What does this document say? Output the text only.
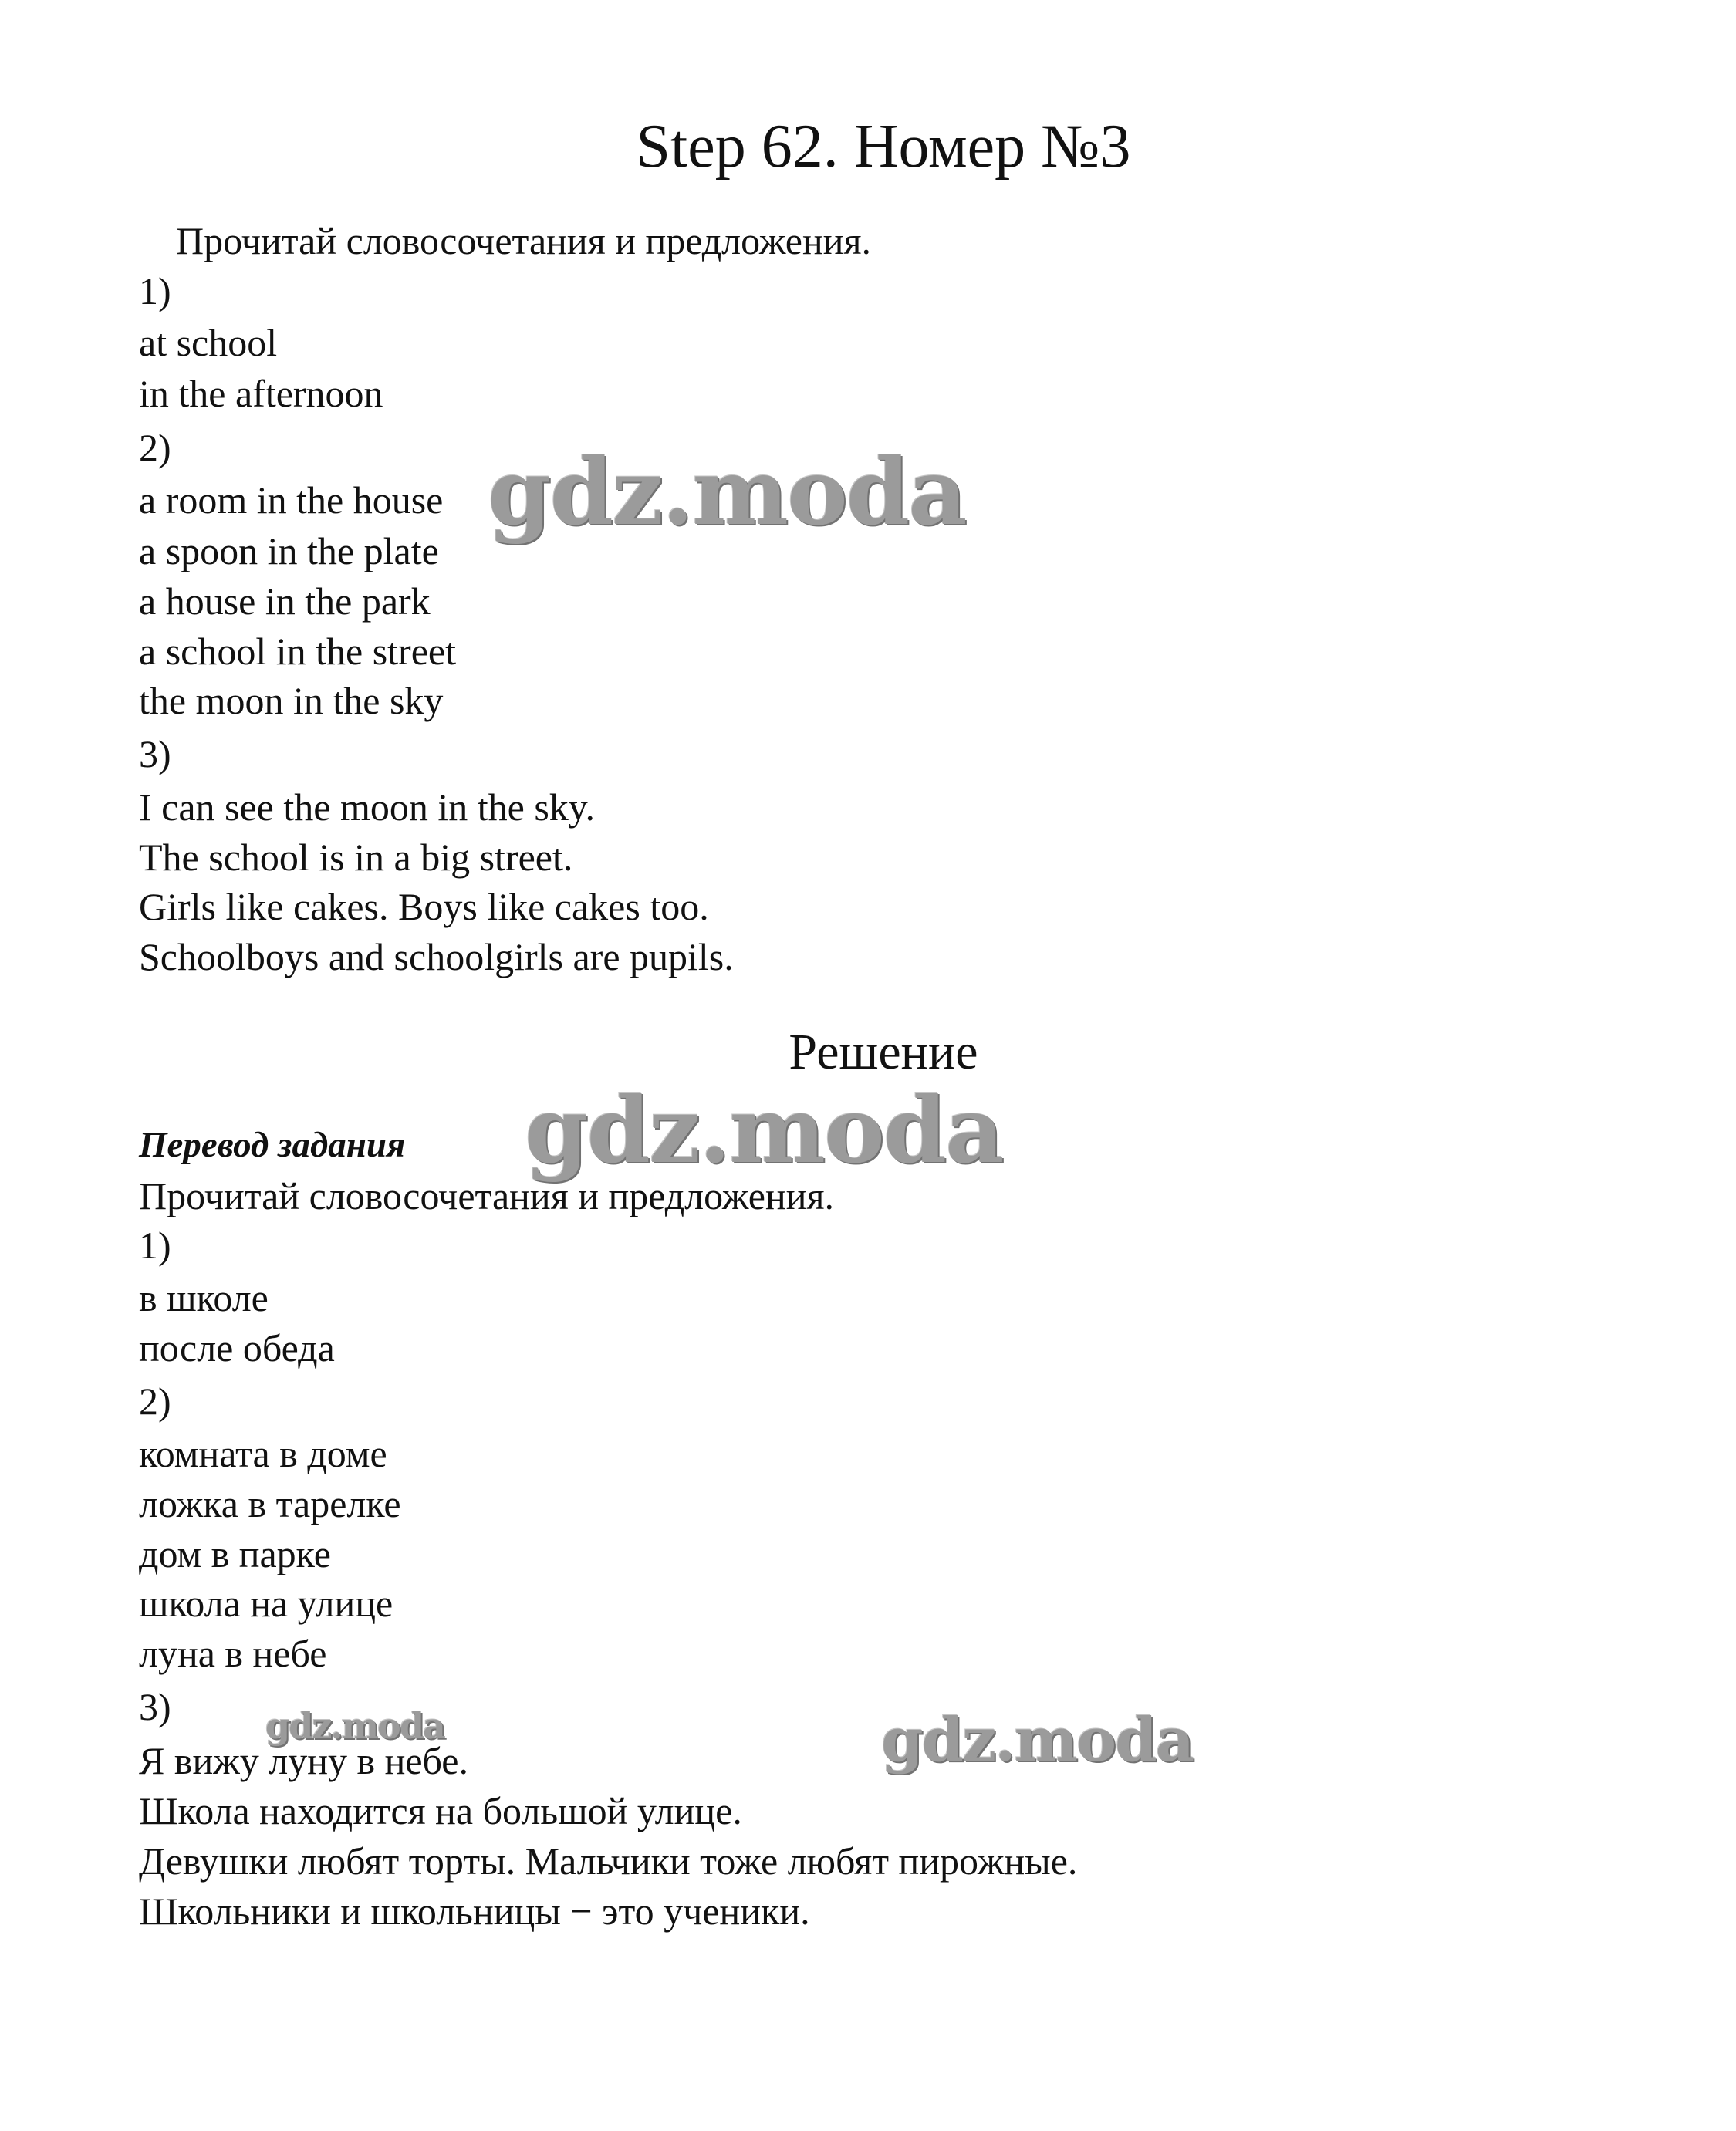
Step 62. Номер №3
Прочитай словосочетания и предложения.
1)
at school
in the afternoon
2)
a room in the house
a spoon in the plate
a house in the park
a school in the street
the moon in the sky
3)
I can see the moon in the sky.
The school is in a big street.
Girls like cakes. Boys like cakes too.
Schoolboys and schoolgirls are pupils.
Решение
Перевод задания
Прочитай словосочетания и предложения.
1)
в школе
после обеда
2)
комната в доме
ложка в тарелке
дом в парке
школа на улице
луна в небе
3)
Я вижу луну в небе.
Школа находится на большой улице.
Девушки любят торты. Мальчики тоже любят пирожные.
Школьники и школьницы − это ученики.
gdz.moda
gdz.moda
gdz.moda
gdz.moda
